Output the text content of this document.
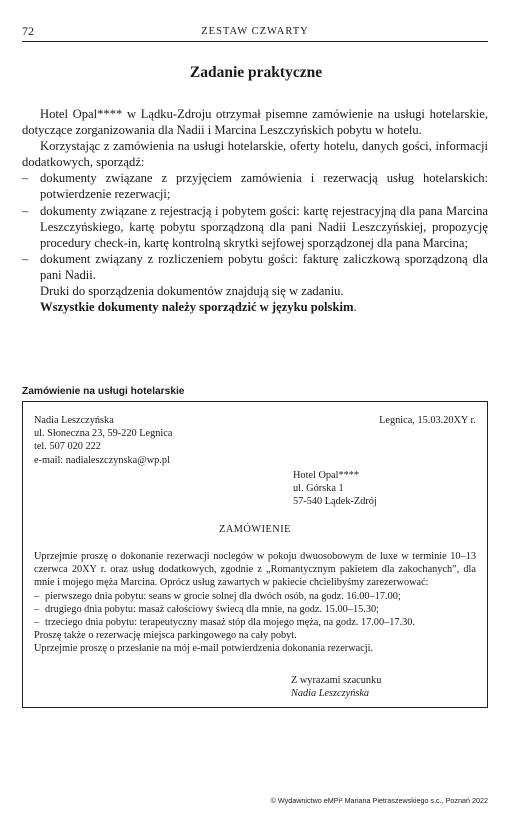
72	ZESTAW CZWARTY
Zadanie praktyczne

Hotel Opal**** w Lądku-Zdroju otrzymał pisemne zamówienie na usługi hotelarskie, dotyczące zorganizowania dla Nadii i Marcina Leszczyńskich pobytu w hotelu.

Korzystając z zamówienia na usługi hotelarskie, oferty hotelu, danych gości, informacji dodatkowych, sporządź:

– dokumenty związane z przyjęciem zamówienia i rezerwacją usług hotelarskich: potwierdzenie rezerwacji;
– dokumenty związane z rejestracją i pobytem gości: kartę rejestracyjną dla pana Marcina Leszczyńskiego, kartę pobytu sporządzoną dla pani Nadii Leszczyńskiej, propozycję procedury check-in, kartę kontrolną skrytki sejfowej sporządzonej dla pana Marcina;
– dokument związany z rozliczeniem pobytu gości: fakturę zaliczkową sporządzoną dla pani Nadii.

Druki do sporządzenia dokumentów znajdują się w zadaniu.

Wszystkie dokumenty należy sporządzić w języku polskim.

Zamówienie na usługi hotelarskie
Nadia Leszczyńska
ul. Słoneczna 23, 59-220 Legnica
tel. 507 020 222
e-mail: nadialeszczynska@wp.pl
Legnica, 15.03.20XY r.
Hotel Opal****
ul. Górska 1
57-540 Lądek-Zdrój
ZAMÓWIENIE

Uprzejmie proszę o dokonanie rezerwacji noclegów w pokoju dwuosobowym de luxe w terminie 10–13 czerwca 20XY r. oraz usług dodatkowych, zgodnie z „Romantycznym pakietem dla zakochanych”, dla mnie i mojego męża Marcina. Oprócz usług zawartych w pakiecie chcielibyśmy zarezerwować:

– pierwszego dnia pobytu: seans w grocie solnej dla dwóch osób, na godz. 16.00–17.00;
– drugiego dnia pobytu: masaż całościowy świecą dla mnie, na godz. 15.00–15.30;
– trzeciego dnia pobytu: terapeutyczny masaż stóp dla mojego męża, na godz. 17.00–17.30.

Proszę także o rezerwację miejsca parkingowego na cały pobyt.

Uprzejmie proszę o przesłanie na mój e-mail potwierdzenia dokonania rezerwacji.

Z wyrazami szacunku
Nadia Leszczyńska
© Wydawnictwo eMPi² Mariana Pietraszewskiego s.c., Poznań 2022
